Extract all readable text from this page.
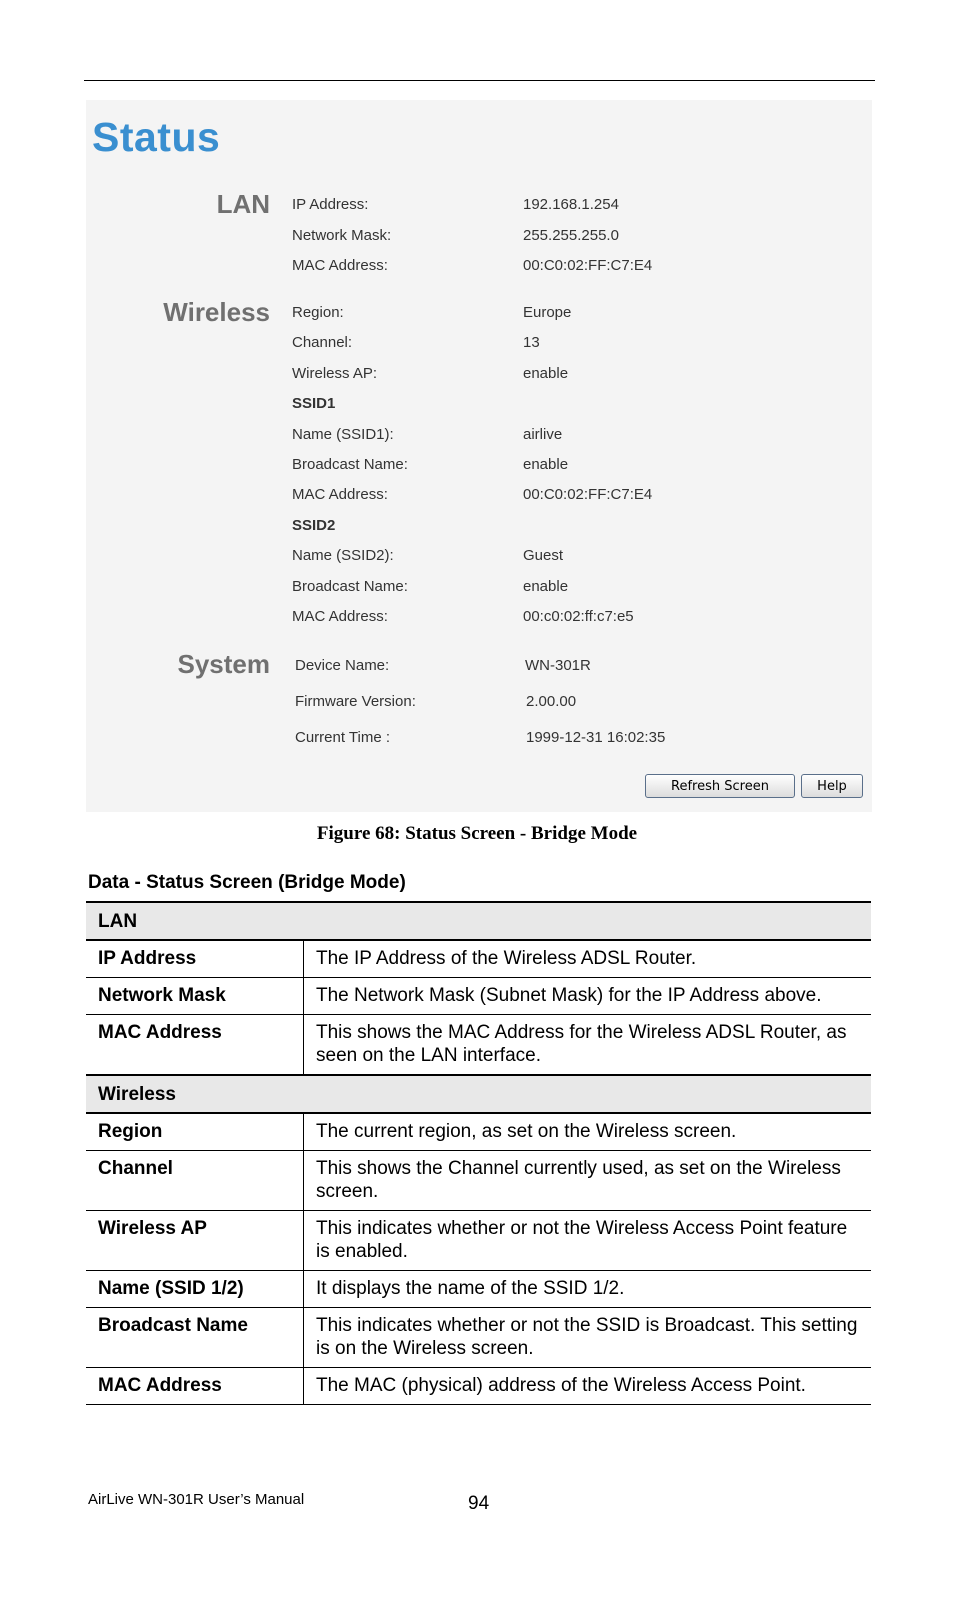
Status
LAN IP Address:	192.168.1.254
Network Mask:	255.255.255.0
MAC Address:	00:C0:02:FF:C7:E4
Wireless Region:	Europe
Channel:	13
Wireless AP:	enable
SSID1
Name (SSID1):	airlive
Broadcast Name:	enable
MAC Address:	00:C0:02:FF:C7:E4
SSID2
Name (SSID2):	Guest
Broadcast Name:	enable
MAC Address:	00:c0:02:ff:c7:e5
System Device Name:	WN-301R
Firmware Version:	2.00.00
Current Time :	1999-12-31 16:02:35
Refresh Screen	Help
Figure 68: Status Screen - Bridge Mode
Data - Status Screen (Bridge Mode)
LAN	
IP Address	The IP Address of the Wireless ADSL Router.
Network Mask	The Network Mask (Subnet Mask) for the IP Address above.
MAC Address	This shows the MAC Address for the Wireless ADSL Router, as seen on the LAN interface.
Wireless	
Region	The current region, as set on the Wireless screen.
Channel	This shows the Channel currently used, as set on the Wireless screen.
Wireless AP	This indicates whether or not the Wireless Access Point feature is enabled.
Name (SSID 1/2)	It displays the name of the SSID 1/2.
Broadcast Name	This indicates whether or not the SSID is Broadcast. This setting is on the Wireless screen.
MAC Address	The MAC (physical) address of the Wireless Access Point.
AirLive WN-301R User’s Manual	94
